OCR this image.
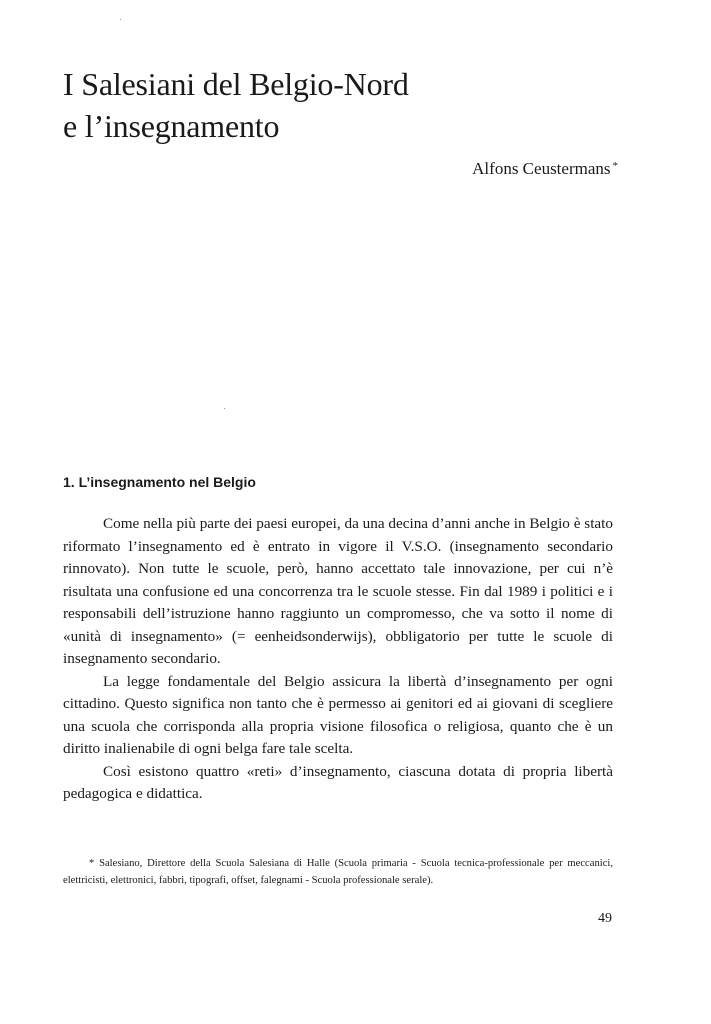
I Salesiani del Belgio-Nord
e l’insegnamento
Alfons Ceustermans *
1. L’insegnamento nel Belgio

Come nella più parte dei paesi europei, da una decina d’anni anche in Belgio è stato riformato l’insegnamento ed è entrato in vigore il V.S.O. (insegnamento secondario rinnovato). Non tutte le scuole, però, hanno accettato tale innovazione, per cui n’è risultata una confusione ed una concorrenza tra le scuole stesse. Fin dal 1989 i politici e i responsabili dell’istruzione hanno raggiunto un compromesso, che va sotto il nome di «unità di insegnamento» (= eenheidsonderwijs), obbligatorio per tutte le scuole di insegnamento secondario.

La legge fondamentale del Belgio assicura la libertà d’insegnamento per ogni cittadino. Questo significa non tanto che è permesso ai genitori ed ai giovani di scegliere una scuola che corrisponda alla propria visione filosofica o religiosa, quanto che è un diritto inalienabile di ogni belga fare tale scelta.

Così esistono quattro «reti» d’insegnamento, ciascuna dotata di propria libertà pedagogica e didattica.

* Salesiano, Direttore della Scuola Salesiana di Halle (Scuola primaria - Scuola tecnica-professionale per meccanici, elettricisti, elettronici, fabbri, tipografi, offset, falegnami - Scuola professionale serale).
49
